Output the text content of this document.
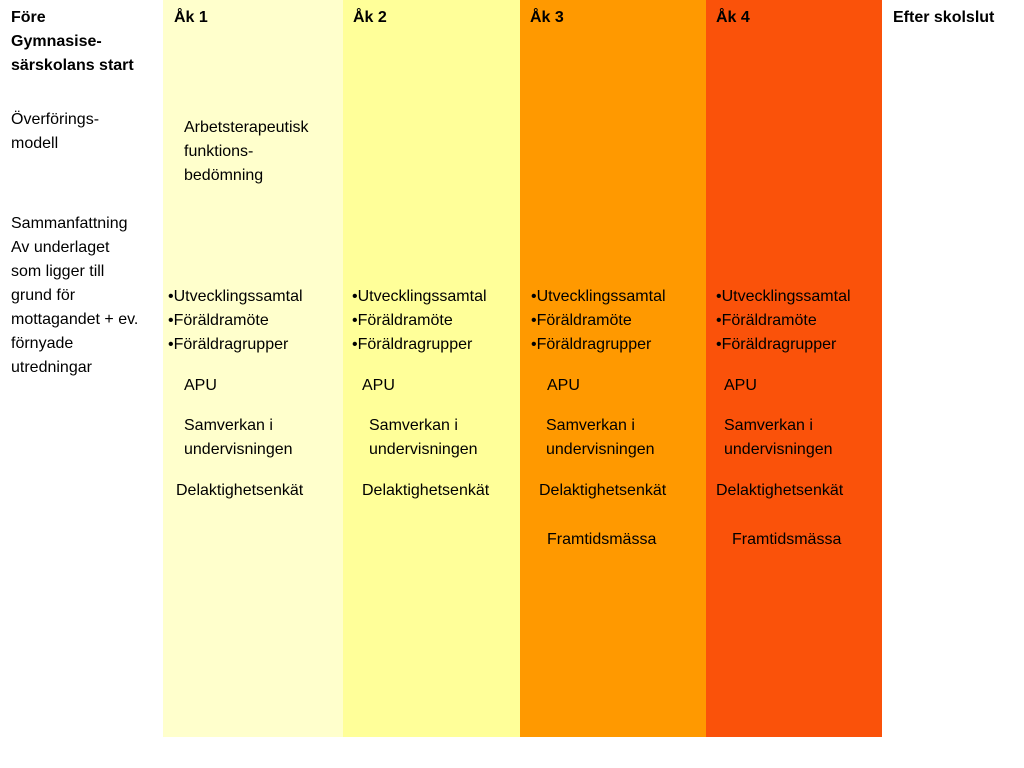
Före
Gymnasise-
särskolans start
Överförings-
modell
Sammanfattning
Av underlaget
som ligger till
grund för
mottagandet + ev.
förnyade
utredningar
Efter skolslut
Åk 1
Arbetsterapeutisk
funktions-
bedömning
•Utvecklingssamtal
•Föräldramöte
•Föräldragrupper
APU
Samverkan i
undervisningen
Delaktighetsenkät
Åk 2
•Utvecklingssamtal
•Föräldramöte
•Föräldragrupper
APU
Samverkan i
undervisningen
Delaktighetsenkät
Åk 3
•Utvecklingssamtal
•Föräldramöte
•Föräldragrupper
APU
Samverkan i
undervisningen
Delaktighetsenkät
Framtidsmässa
Åk 4
•Utvecklingssamtal
•Föräldramöte
•Föräldragrupper
APU
Samverkan i
undervisningen
Delaktighetsenkät
Framtidsmässa
